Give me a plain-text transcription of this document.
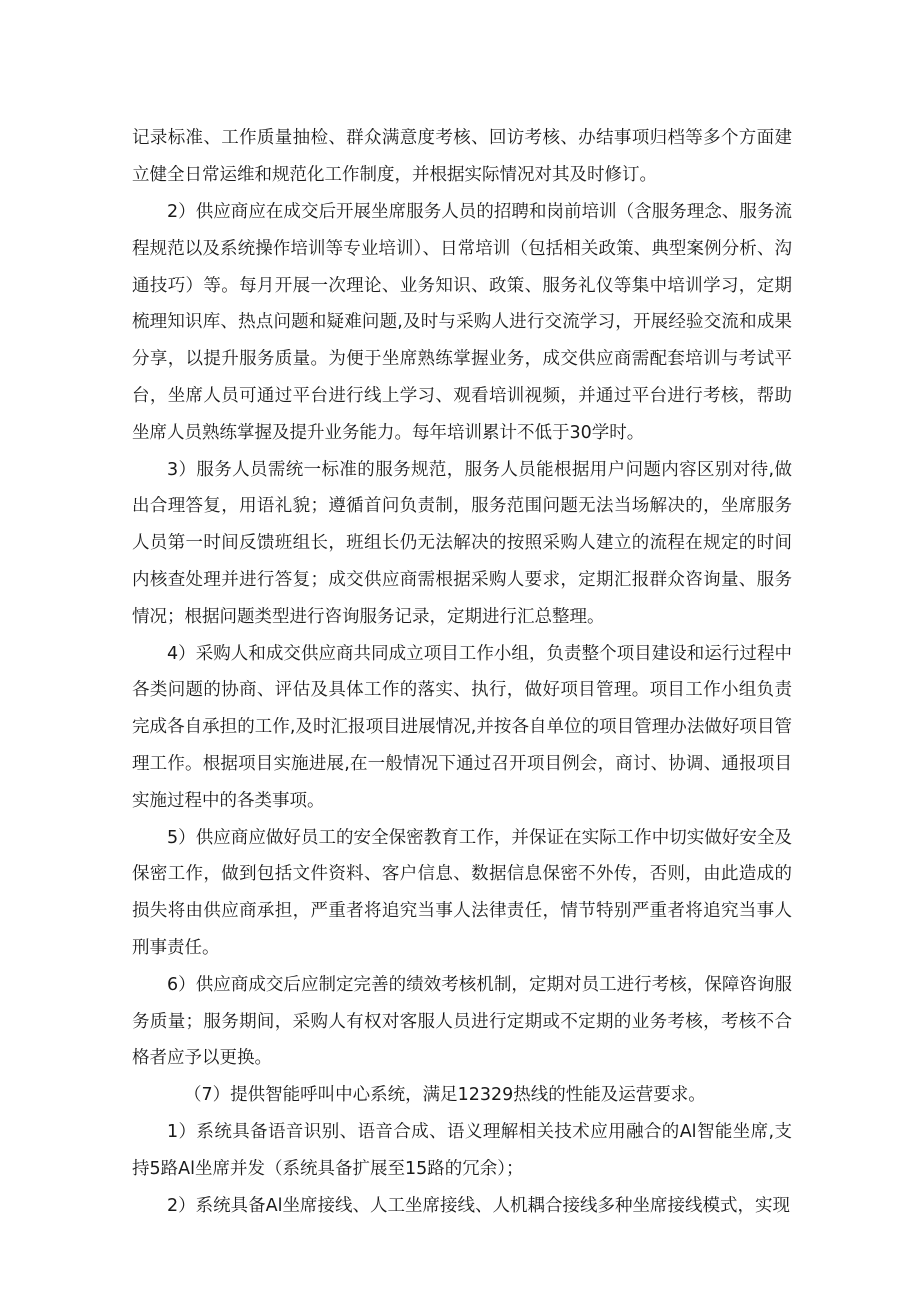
记录标准、工作质量抽检、群众满意度考核、回访考核、办结事项归档等多个方面建立健全日常运维和规范化工作制度，并根据实际情况对其及时修订。

2）供应商应在成交后开展坐席服务人员的招聘和岗前培训（含服务理念、服务流程规范以及系统操作培训等专业培训）、日常培训（包括相关政策、典型案例分析、沟通技巧）等。每月开展一次理论、业务知识、政策、服务礼仪等集中培训学习，定期梳理知识库、热点问题和疑难问题,及时与采购人进行交流学习，开展经验交流和成果分享，以提升服务质量。为便于坐席熟练掌握业务，成交供应商需配套培训与考试平台，坐席人员可通过平台进行线上学习、观看培训视频，并通过平台进行考核，帮助坐席人员熟练掌握及提升业务能力。每年培训累计不低于30学时。

3）服务人员需统一标准的服务规范，服务人员能根据用户问题内容区别对待,做出合理答复，用语礼貌；遵循首问负责制，服务范围问题无法当场解决的，坐席服务人员第一时间反馈班组长，班组长仍无法解决的按照采购人建立的流程在规定的时间内核查处理并进行答复；成交供应商需根据采购人要求，定期汇报群众咨询量、服务情况；根据问题类型进行咨询服务记录，定期进行汇总整理。

4）采购人和成交供应商共同成立项目工作小组，负责整个项目建设和运行过程中各类问题的协商、评估及具体工作的落实、执行，做好项目管理。项目工作小组负责完成各自承担的工作,及时汇报项目进展情况,并按各自单位的项目管理办法做好项目管理工作。根据项目实施进展,在一般情况下通过召开项目例会，商讨、协调、通报项目实施过程中的各类事项。

5）供应商应做好员工的安全保密教育工作，并保证在实际工作中切实做好安全及保密工作，做到包括文件资料、客户信息、数据信息保密不外传，否则，由此造成的损失将由供应商承担，严重者将追究当事人法律责任，情节特别严重者将追究当事人刑事责任。

6）供应商成交后应制定完善的绩效考核机制，定期对员工进行考核，保障咨询服务质量；服务期间，采购人有权对客服人员进行定期或不定期的业务考核，考核不合格者应予以更换。

（7）提供智能呼叫中心系统，满足12329热线的性能及运营要求。

1）系统具备语音识别、语音合成、语义理解相关技术应用融合的Al智能坐席,支持5路Al坐席并发（系统具备扩展至15路的冗余）；

2）系统具备Al坐席接线、人工坐席接线、人机耦合接线多种坐席接线模式，实现
